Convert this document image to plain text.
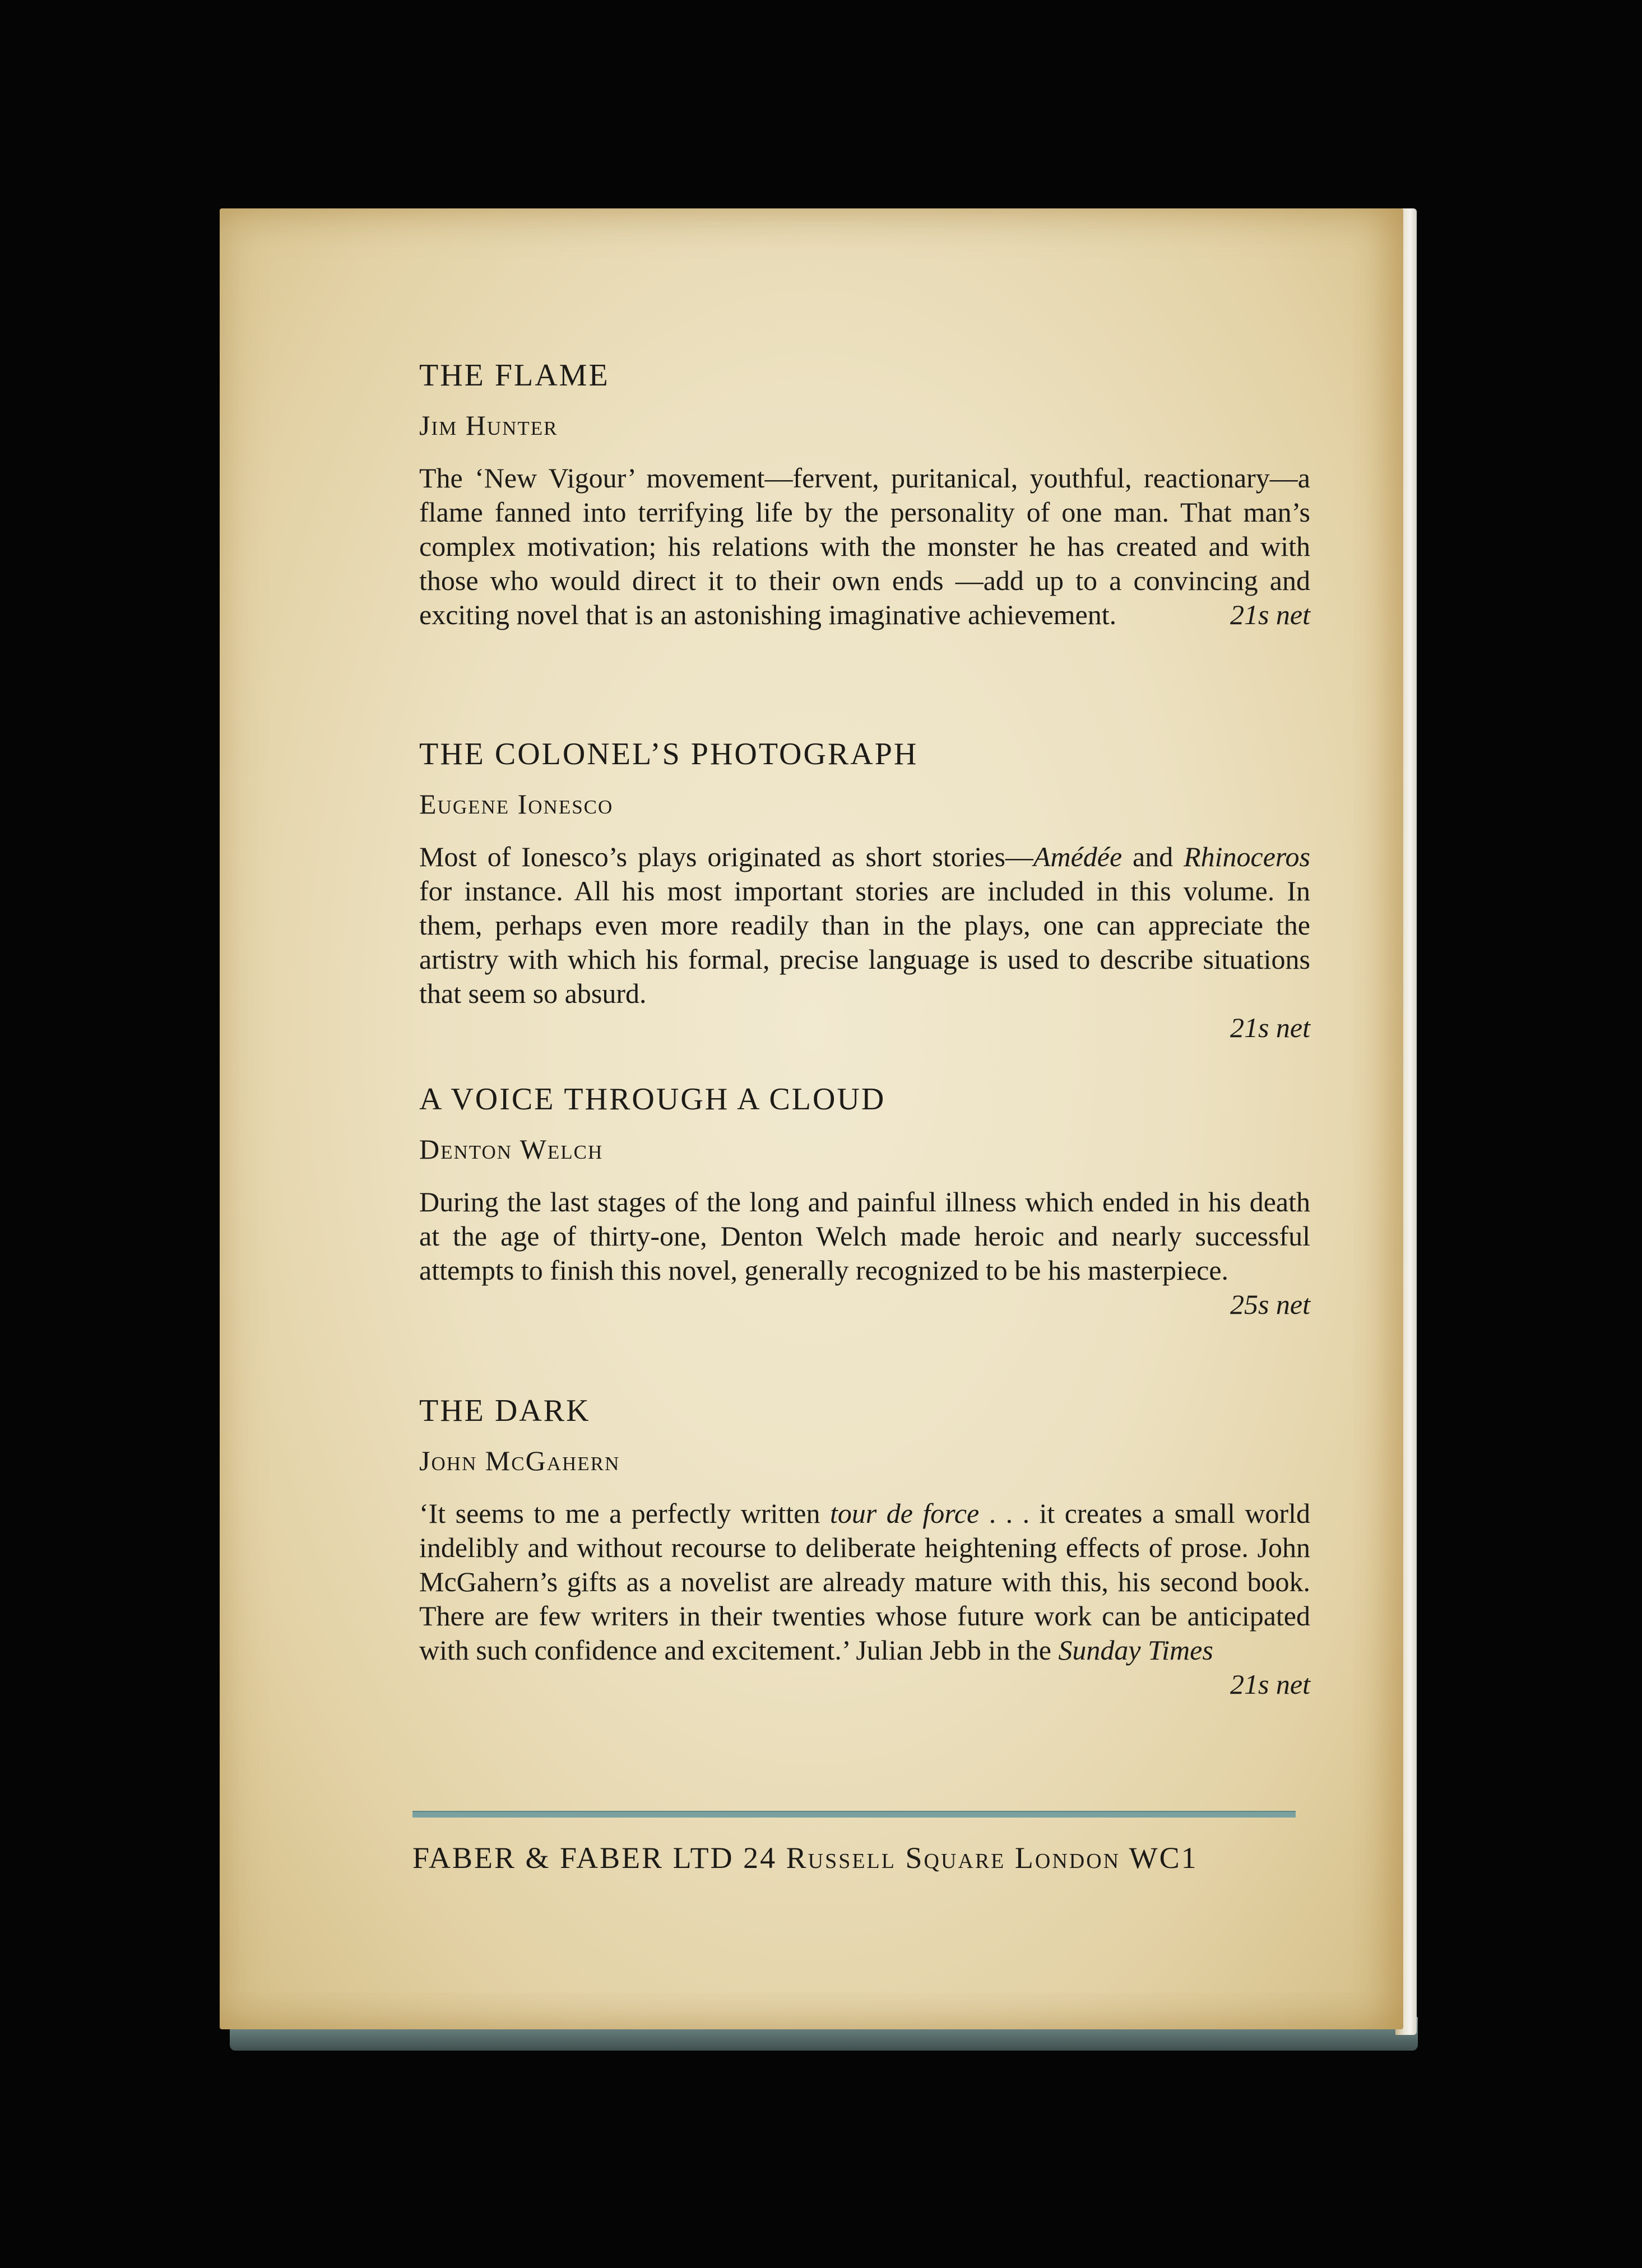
THE FLAME
Jim Hunter

The ‘New Vigour’ movement—fervent, puritanical, youthful, reactionary—a flame fanned into terrifying life by the personality of one man. That man’s complex motivation; his relations with the monster he has created and with those who would direct it to their own ends —add up to a convincing and exciting novel that is an astonishing imaginative achievement.	21s net

THE COLONEL’S PHOTOGRAPH
Eugene Ionesco

Most of Ionesco’s plays originated as short stories—Amédée and Rhinoceros for instance. All his most important stories are included in this volume. In them, perhaps even more readily than in the plays, one can appreciate the artistry with which his formal, precise language is used to describe situations that seem so absurd.

21s net
A VOICE THROUGH A CLOUD
Denton Welch

During the last stages of the long and painful illness which ended in his death at the age of thirty-one, Denton Welch made heroic and nearly successful attempts to finish this novel, generally recognized to be his masterpiece.
25s net

THE DARK
John McGahern

‘It seems to me a perfectly written tour de force . . . it creates a small world indelibly and without recourse to deliberate heightening effects of prose. John McGahern’s gifts as a novelist are already mature with this, his second book. There are few writers in their twenties whose future work can be anticipated with such confidence and excitement.’ Julian Jebb in the Sunday Times
21s net

FABER & FABER LTD 24 Russell Square London WC1
